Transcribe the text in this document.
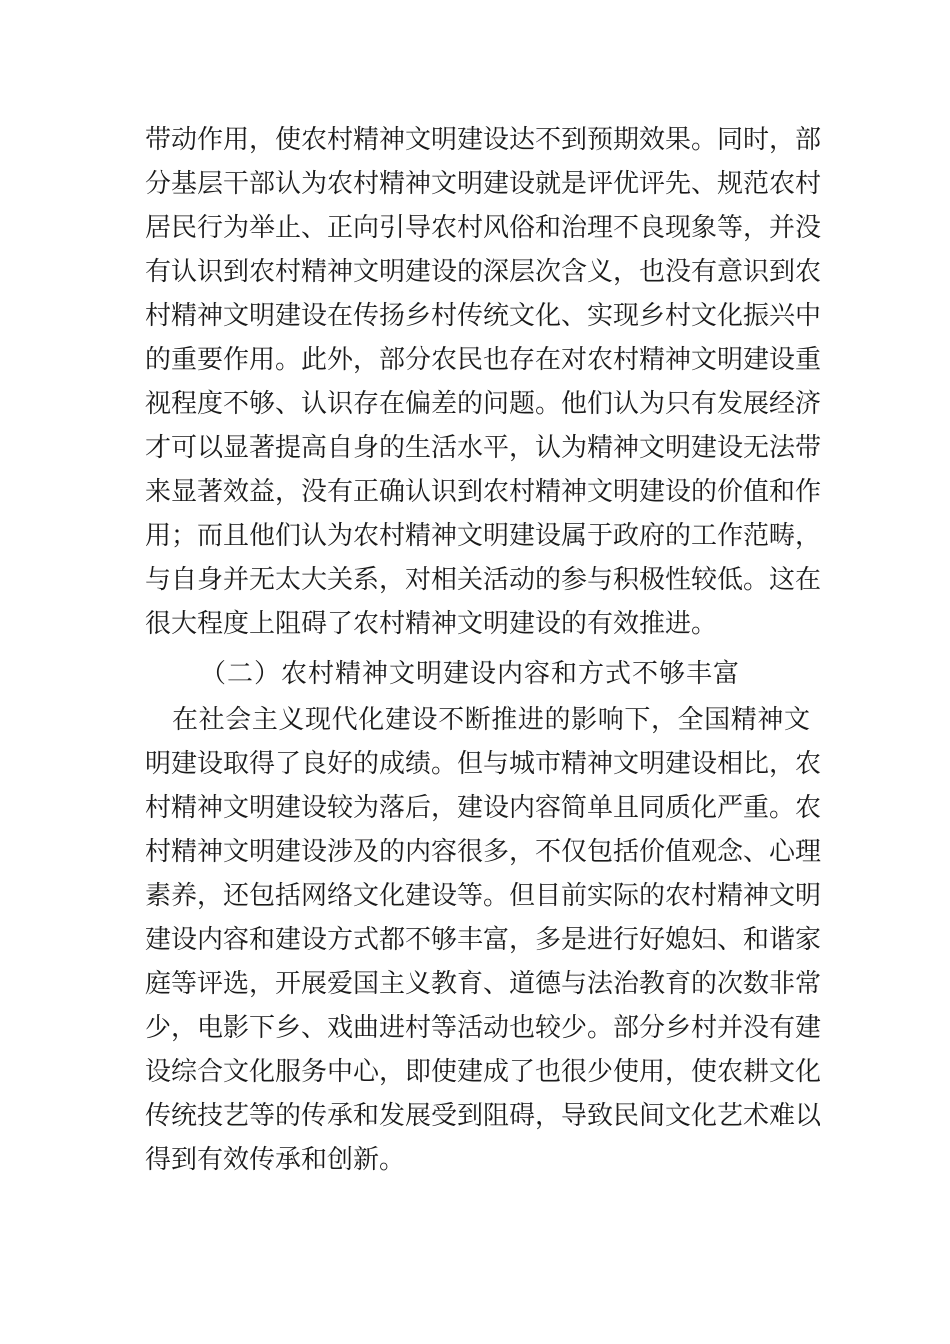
带动作用，使农村精神文明建设达不到预期效果。同时，部
分基层干部认为农村精神文明建设就是评优评先、规范农村
居民行为举止、正向引导农村风俗和治理不良现象等，并没
有认识到农村精神文明建设的深层次含义，也没有意识到农
村精神文明建设在传扬乡村传统文化、实现乡村文化振兴中
的重要作用。此外，部分农民也存在对农村精神文明建设重
视程度不够、认识存在偏差的问题。他们认为只有发展经济
才可以显著提高自身的生活水平，认为精神文明建设无法带
来显著效益，没有正确认识到农村精神文明建设的价值和作
用；而且他们认为农村精神文明建设属于政府的工作范畴，
与自身并无太大关系，对相关活动的参与积极性较低。这在
很大程度上阻碍了农村精神文明建设的有效推进。
（二）农村精神文明建设内容和方式不够丰富
在社会主义现代化建设不断推进的影响下，全国精神文
明建设取得了良好的成绩。但与城市精神文明建设相比，农
村精神文明建设较为落后，建设内容简单且同质化严重。农
村精神文明建设涉及的内容很多，不仅包括价值观念、心理
素养，还包括网络文化建设等。但目前实际的农村精神文明
建设内容和建设方式都不够丰富，多是进行好媳妇、和谐家
庭等评选，开展爱国主义教育、道德与法治教育的次数非常
少，电影下乡、戏曲进村等活动也较少。部分乡村并没有建
设综合文化服务中心，即使建成了也很少使用，使农耕文化
传统技艺等的传承和发展受到阻碍，导致民间文化艺术难以
得到有效传承和创新。
